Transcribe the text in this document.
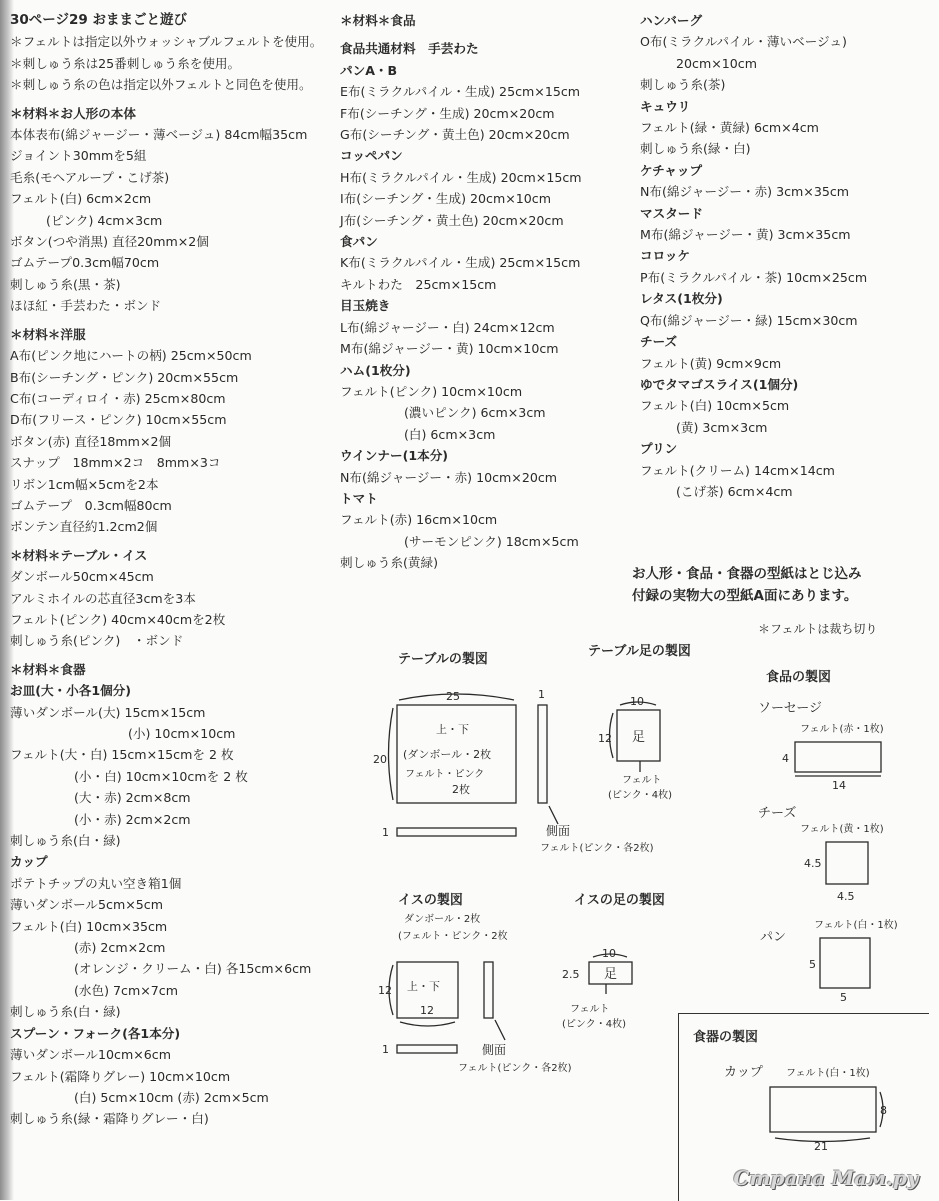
30ページ29 おままごと遊び
＊フェルトは指定以外ウォッシャブルフェルトを使用。
＊刺しゅう糸は25番刺しゅう糸を使用。
＊刺しゅう糸の色は指定以外フェルトと同色を使用。
＊材料＊お人形の本体
本体表布(綿ジャージー・薄ベージュ) 84cm幅35cm
ジョイント30mmを5組
毛糸(モヘアループ・こげ茶)
フェルト(白) 6cm×2cm
(ピンク) 4cm×3cm
ボタン(つや消黒) 直径20mm×2個
ゴムテープ0.3cm幅70cm
刺しゅう糸(黒・茶)
ほほ紅・手芸わた・ボンド
＊材料＊洋服
A布(ピンク地にハートの柄) 25cm×50cm
B布(シーチング・ピンク) 20cm×55cm
C布(コーディロイ・赤) 25cm×80cm
D布(フリース・ピンク) 10cm×55cm
ボタン(赤) 直径18mm×2個
スナップ　18mm×2コ　8mm×3コ
リボン1cm幅×5cmを2本
ゴムテープ　0.3cm幅80cm
ボンテン直径約1.2cm2個
＊材料＊テーブル・イス
ダンボール50cm×45cm
アルミホイルの芯直径3cmを3本
フェルト(ピンク) 40cm×40cmを2枚
刺しゅう糸(ピンク)　・ボンド
＊材料＊食器
お皿(大・小各1個分)
薄いダンボール(大) 15cm×15cm
(小) 10cm×10cm
フェルト(大・白) 15cm×15cmを 2 枚
(小・白) 10cm×10cmを 2 枚
(大・赤) 2cm×8cm
(小・赤) 2cm×2cm
刺しゅう糸(白・緑)
カップ
ポテトチップの丸い空き箱1個
薄いダンボール5cm×5cm
フェルト(白) 10cm×35cm
(赤) 2cm×2cm
(オレンジ・クリーム・白) 各15cm×6cm
(水色) 7cm×7cm
刺しゅう糸(白・緑)
スプーン・フォーク(各1本分)
薄いダンボール10cm×6cm
フェルト(霜降りグレー) 10cm×10cm
(白) 5cm×10cm (赤) 2cm×5cm
刺しゅう糸(緑・霜降りグレー・白)
＊材料＊食品
食品共通材料　手芸わた
パンA・B
E布(ミラクルパイル・生成) 25cm×15cm
F布(シーチング・生成) 20cm×20cm
G布(シーチング・黄土色) 20cm×20cm
コッペパン
H布(ミラクルパイル・生成) 20cm×15cm
I布(シーチング・生成) 20cm×10cm
J布(シーチング・黄土色) 20cm×20cm
食パン
K布(ミラクルパイル・生成) 25cm×15cm
キルトわた　25cm×15cm
目玉焼き
L布(綿ジャージー・白) 24cm×12cm
M布(綿ジャージー・黄) 10cm×10cm
ハム(1枚分)
フェルト(ピンク) 10cm×10cm
(濃いピンク) 6cm×3cm
(白) 6cm×3cm
ウインナー(1本分)
N布(綿ジャージー・赤) 10cm×20cm
トマト
フェルト(赤) 16cm×10cm
(サーモンピンク) 18cm×5cm
刺しゅう糸(黄緑)
ハンバーグ
O布(ミラクルパイル・薄いベージュ)
20cm×10cm
刺しゅう糸(茶)
キュウリ
フェルト(緑・黄緑) 6cm×4cm
刺しゅう糸(緑・白)
ケチャップ
N布(綿ジャージー・赤) 3cm×35cm
マスタード
M布(綿ジャージー・黄) 3cm×35cm
コロッケ
P布(ミラクルパイル・茶) 10cm×25cm
レタス(1枚分)
Q布(綿ジャージー・緑) 15cm×30cm
チーズ
フェルト(黄) 9cm×9cm
ゆでタマゴスライス(1個分)
フェルト(白) 10cm×5cm
(黄) 3cm×3cm
プリン
フェルト(クリーム) 14cm×14cm
(こげ茶) 6cm×4cm
お人形・食品・食器の型紙はとじ込み
付録の実物大の型紙A面にあります。
＊フェルトは裁ち切り
テーブルの製図
テーブル足の製図
食品の製図
イスの製図	イスの足の製図
食器の製図
25	1
20
上・下
(ダンボール・2枚
フェルト・ピンク
2枚
1	側面
フェルト(ピンク・各2枚)
10
12 足
フェルト
(ピンク・4枚)
ダンボール・2枚
(フェルト・ピンク・2枚
上・下
12
12
1	側面
フェルト(ピンク・各2枚)
10
2.5 足
フェルト
(ピンク・4枚)
ソーセージ
フェルト(赤・1枚)
4
14
チーズ
フェルト(黄・1枚)
4.5
4.5
パン
フェルト(白・1枚)
5
5
カップ フェルト(白・1枚)
8
21
Страна Мам.ру
